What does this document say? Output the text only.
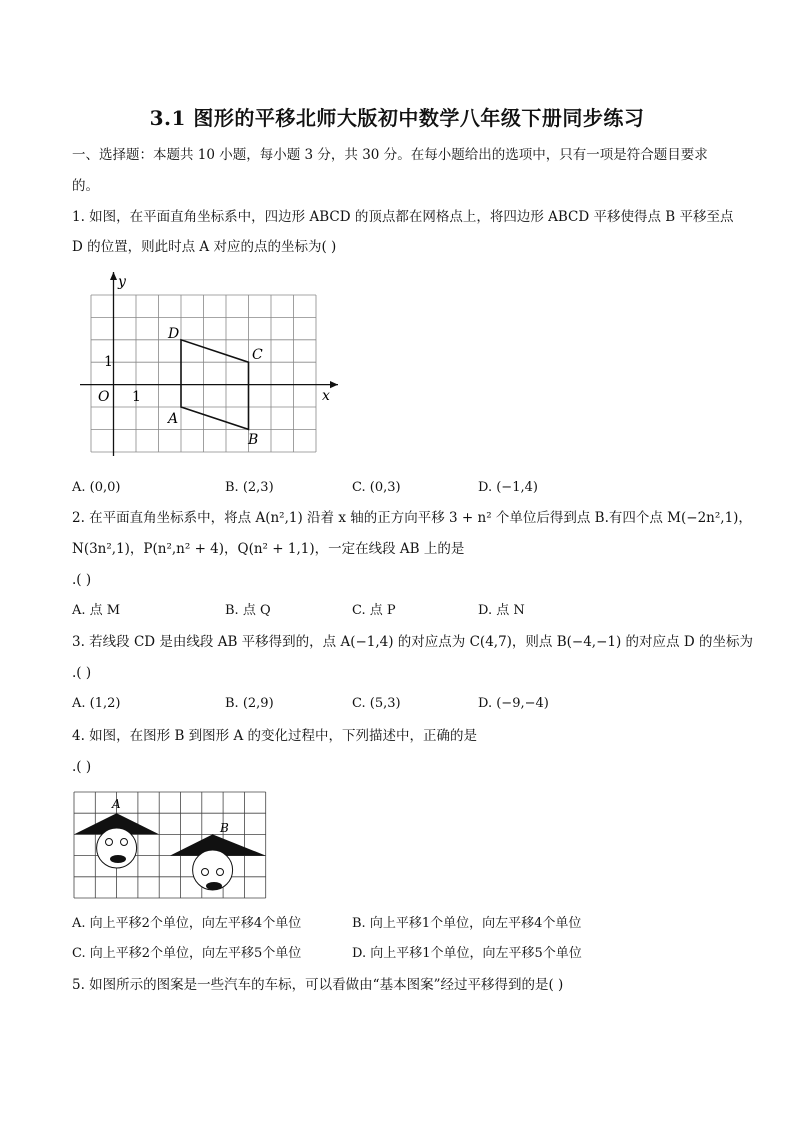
3.1 图形的平移北师大版初中数学八年级下册同步练习
一、选择题：本题共 10 小题，每小题 3 分，共 30 分。在每小题给出的选项中，只有一项是符合题目要求
的。
1. 如图，在平面直角坐标系中，四边形 ABCD 的顶点都在网格点上，将四边形 ABCD 平移使得点 B 平移至点
D 的位置，则此时点 A 对应的点的坐标为( )
y
x
O 1
1
D
C
A
B
A. (0,0)	B. (2,3)	C. (0,3)	D. (−1,4)
2. 在平面直角坐标系中，将点 A(n²,1) 沿着 x 轴的正方向平移 3 + n² 个单位后得到点 B.有四个点 M(−2n²,1)，
N(3n²,1)，P(n²,n² + 4)，Q(n² + 1,1)，一定在线段 AB 上的是
.( )
A. 点 M	B. 点 Q	C. 点 P	D. 点 N
3. 若线段 CD 是由线段 AB 平移得到的，点 A(−1,4) 的对应点为 C(4,7)，则点 B(−4,−1) 的对应点 D 的坐标为
.( )
A. (1,2)	B. (2,9)	C. (5,3)	D. (−9,−4)
4. 如图，在图形 B 到图形 A 的变化过程中，下列描述中，正确的是
.( )
A
B
A. 向上平移2个单位，向左平移4个单位	B. 向上平移1个单位，向左平移4个单位
C. 向上平移2个单位，向左平移5个单位	D. 向上平移1个单位，向左平移5个单位
5. 如图所示的图案是一些汽车的车标，可以看做由“基本图案”经过平移得到的是( )
